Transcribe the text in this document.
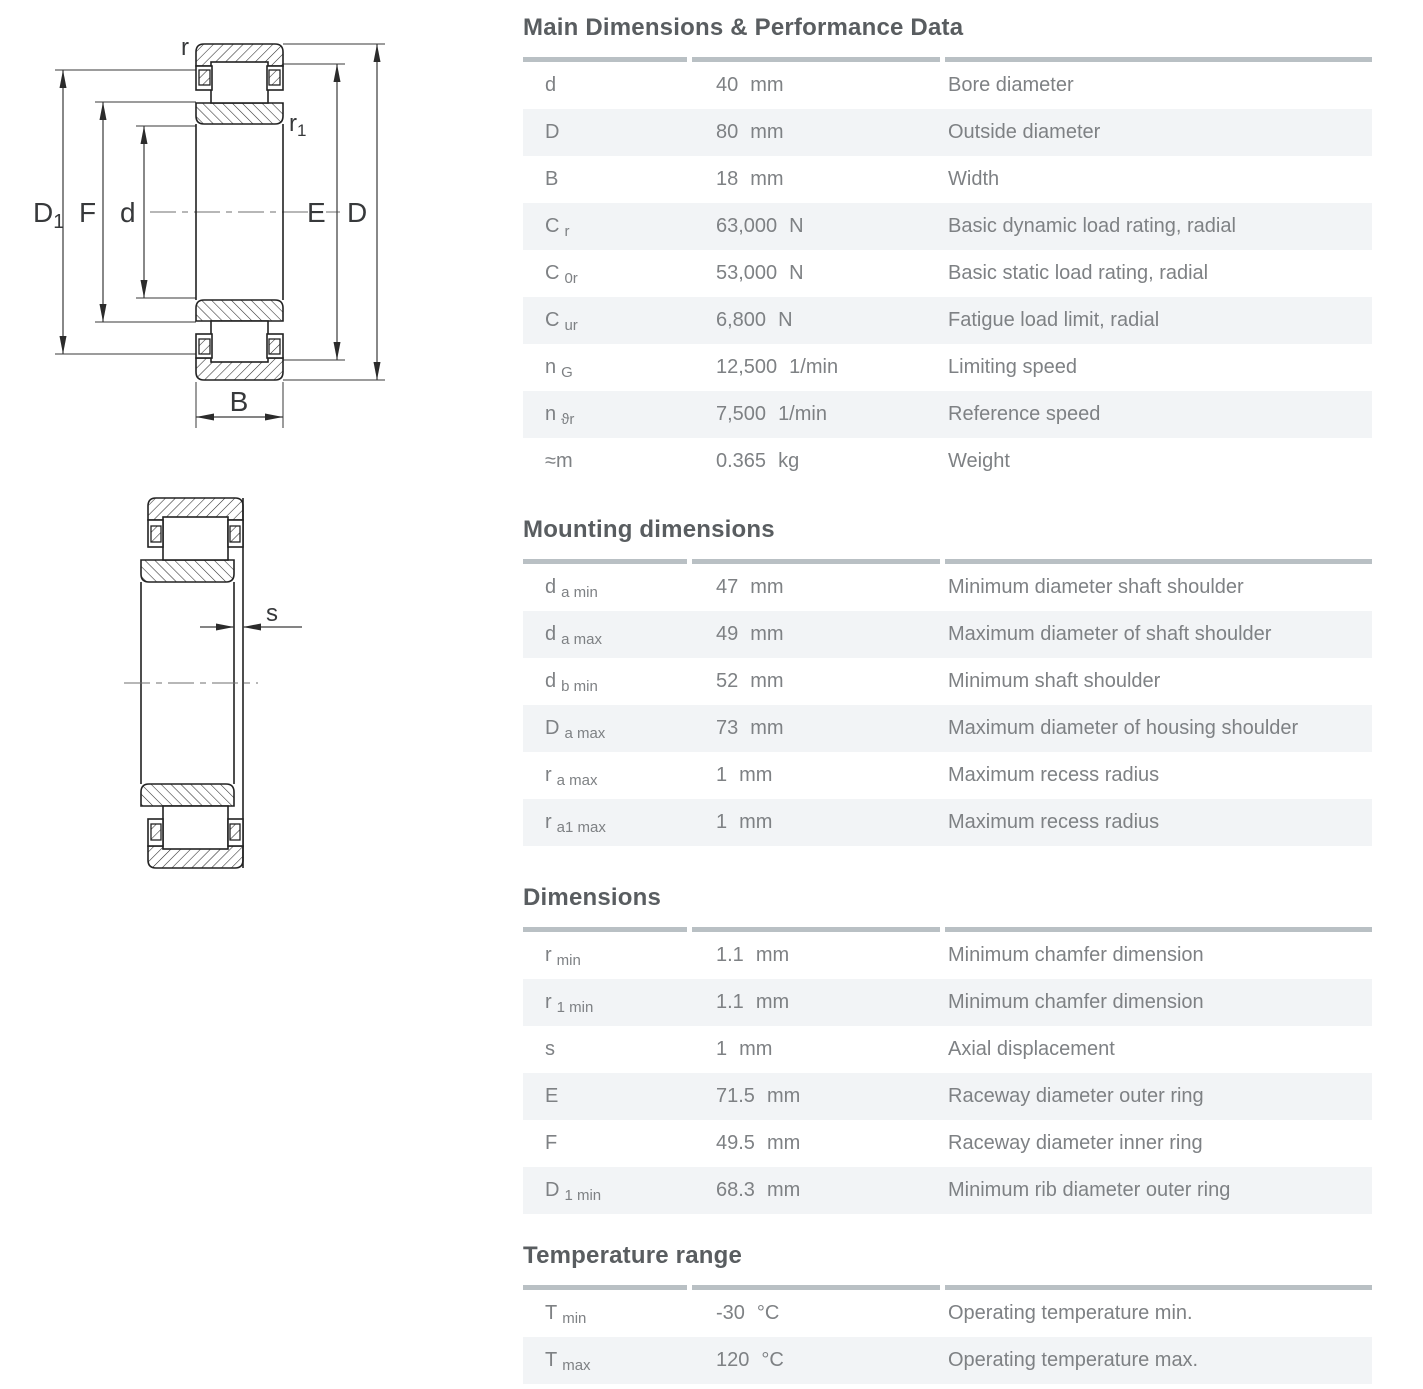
$D_1$ F d	E D
B
r
$r_1$
s
Main Dimensions & Performance Data
d	40 mm	Bore diameter
D	80 mm	Outside diameter
B	18 mm	Width
C $_r$	63,000 N	Basic dynamic load rating, radial
C $_{0r}$	53,000 N	Basic static load rating, radial
C $_{ur}$	6,800 N	Fatigue load limit, radial
n $_G$	12,500 1/min	Limiting speed
n $_{ϑr}$	7,500 1/min	Reference speed
≈m	0.365 kg	Weight
Mounting dimensions
d $_{a min}$	47 mm	Minimum diameter shaft shoulder
d $_{a max}$	49 mm	Maximum diameter of shaft shoulder
d $_{b min}$	52 mm	Minimum shaft shoulder
D $_{a max}$	73 mm	Maximum diameter of housing shoulder
r $_{a max}$	1 mm	Maximum recess radius
r $_{a1 max}$	1 mm	Maximum recess radius
Dimensions
r $_{min}$	1.1 mm	Minimum chamfer dimension
r $_{1 min}$	1.1 mm	Minimum chamfer dimension
s	1 mm	Axial displacement
E	71.5 mm	Raceway diameter outer ring
F	49.5 mm	Raceway diameter inner ring
D $_{1 min}$	68.3 mm	Minimum rib diameter outer ring
Temperature range
T $_{min}$	-30 °C	Operating temperature min.
T $_{max}$	120 °C	Operating temperature max.
